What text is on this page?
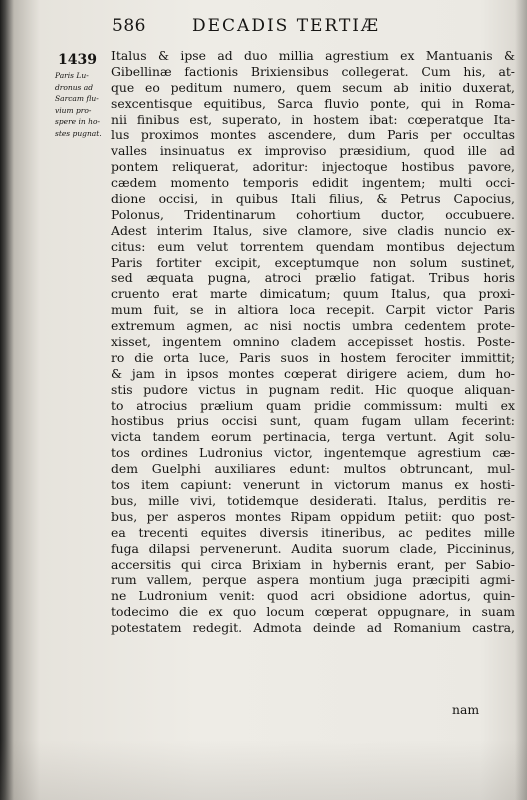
586	DECADIS TERTIÆ
1439
Paris Lu-
dronus ad
Sarcam flu-
vium pro-
spere in ho-
stes pugnat.
Italus & ipse ad duo millia agrestium ex Mantuanis &
Gibellinæ factionis Brixiensibus collegerat. Cum his, at-
que eo peditum numero, quem secum ab initio duxerat,
sexcentisque equitibus, Sarca fluvio ponte, qui in Roma-
nii finibus est, superato, in hostem ibat: cœperatque Ita-
lus proximos montes ascendere, dum Paris per occultas
valles insinuatus ex improviso præsidium, quod ille ad
pontem reliquerat, adoritur: injectoque hostibus pavore,
cædem momento temporis edidit ingentem; multi occi-
dione occisi, in quibus Itali filius, & Petrus Capocius,
Polonus, Tridentinarum cohortium ductor, occubuere.
Adest interim Italus, sive clamore, sive cladis nuncio ex-
citus: eum velut torrentem quendam montibus dejectum
Paris fortiter excipit, exceptumque non solum sustinet,
sed æquata pugna, atroci prælio fatigat. Tribus horis
cruento erat marte dimicatum; quum Italus, qua proxi-
mum fuit, se in altiora loca recepit. Carpit victor Paris
extremum agmen, ac nisi noctis umbra cedentem prote-
xisset, ingentem omnino cladem accepisset hostis. Poste-
ro die orta luce, Paris suos in hostem ferociter immittit;
& jam in ipsos montes cœperat dirigere aciem, dum ho-
stis pudore victus in pugnam redit. Hic quoque aliquan-
to atrocius prælium quam pridie commissum: multi ex
hostibus prius occisi sunt, quam fugam ullam fecerint:
victa tandem eorum pertinacia, terga vertunt. Agit solu-
tos ordines Ludronius victor, ingentemque agrestium cæ-
dem Guelphi auxiliares edunt: multos obtruncant, mul-
tos item capiunt: venerunt in victorum manus ex hosti-
bus, mille vivi, totidemque desiderati. Italus, perditis re-
bus, per asperos montes Ripam oppidum petiit: quo post-
ea trecenti equites diversis itineribus, ac pedites mille
fuga dilapsi pervenerunt. Audita suorum clade, Piccininus,
accersitis qui circa Brixiam in hybernis erant, per Sabio-
rum vallem, perque aspera montium juga præcipiti agmi-
ne Ludronium venit: quod acri obsidione adortus, quin-
todecimo die ex quo locum cœperat oppugnare, in suam
potestatem redegit. Admota deinde ad Romanium castra,
nam
